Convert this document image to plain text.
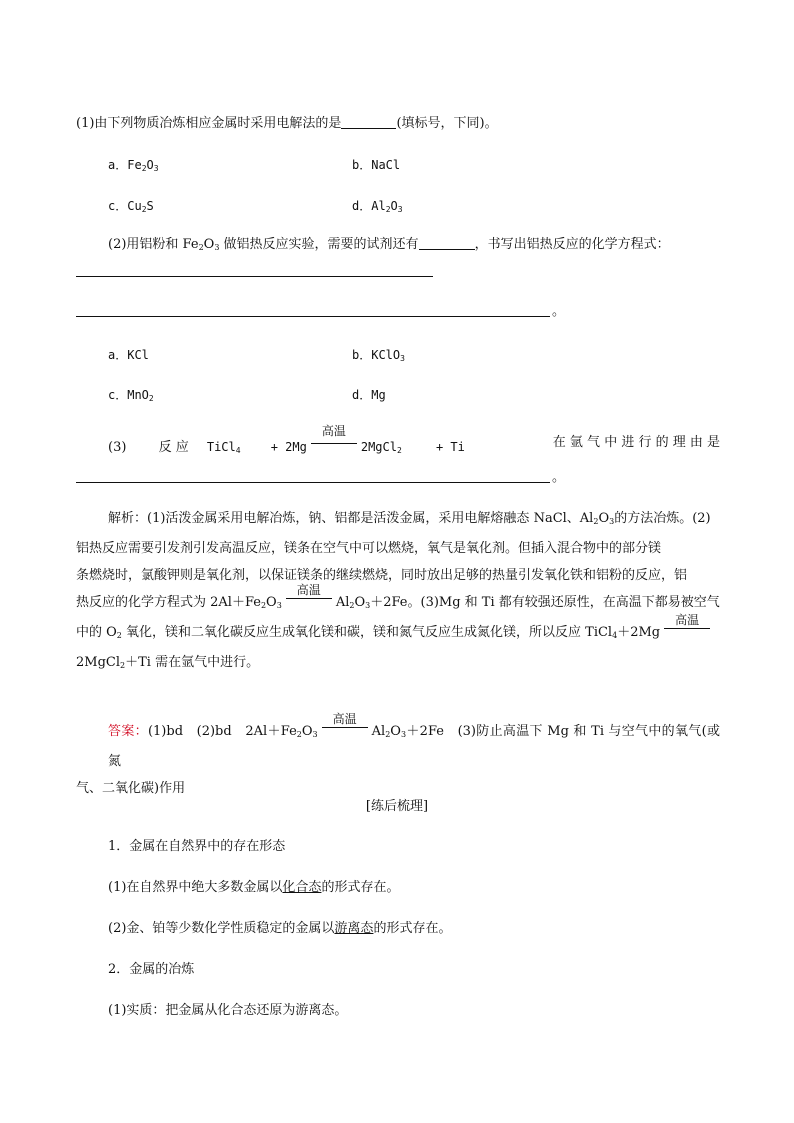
(1)由下列物质冶炼相应金属时采用电解法的是	(填标号，下同)。
a．$Fe_2O_3$	b．NaCl
c．$Cu_2S$	d．$Al_2O_3$
(2)用铝粉和 $Fe_2O_3$ 做铝热反应实验，需要的试剂还有	，书写出铝热反应的化学方程式：
。
a．KCl	b．KClO$_3$
c．MnO$_2$	d．Mg
(3) 反 应 TiCl$_4$	+ 2Mg
高温
2MgCl$_2$	+ Ti	在 氩 气 中 进 行 的 理 由 是
。
解析：(1)活泼金属采用电解冶炼，钠、铝都是活泼金属，采用电解熔融态 NaCl、$Al_2O_3$的方法冶炼。(2)
铝热反应需要引发剂引发高温反应，镁条在空气中可以燃烧，氧气是氧化剂。但插入混合物中的部分镁
条燃烧时，氯酸钾则是氧化剂，以保证镁条的继续燃烧，同时放出足够的热量引发氧化铁和铝粉的反应，铝
热反应的化学方程式为 $2Al+Fe_2O_3$
高温
$Al_2O_3+2Fe$。(3)Mg 和 Ti 都有较强还原性，在高温下都易被空气
中的 $O_2$ 氧化，镁和二氧化碳反应生成氧化镁和碳，镁和氮气反应生成氮化镁，所以反应 TiCl$_4$＋2Mg
高温
2MgCl$_2$＋Ti 需在氩气中进行。
答案：(1)bd　(2)bd　$2Al+Fe_2O_3$
高温
$Al_2O_3+2Fe$　(3)防止高温下 Mg 和 Ti 与空气中的氧气(或氮
气、二氧化碳)作用
[练后梳理]
1．金属在自然界中的存在形态
(1)在自然界中绝大多数金属以化合态的形式存在。
(2)金、铂等少数化学性质稳定的金属以游离态的形式存在。
2．金属的冶炼
(1)实质：把金属从化合态还原为游离态。
